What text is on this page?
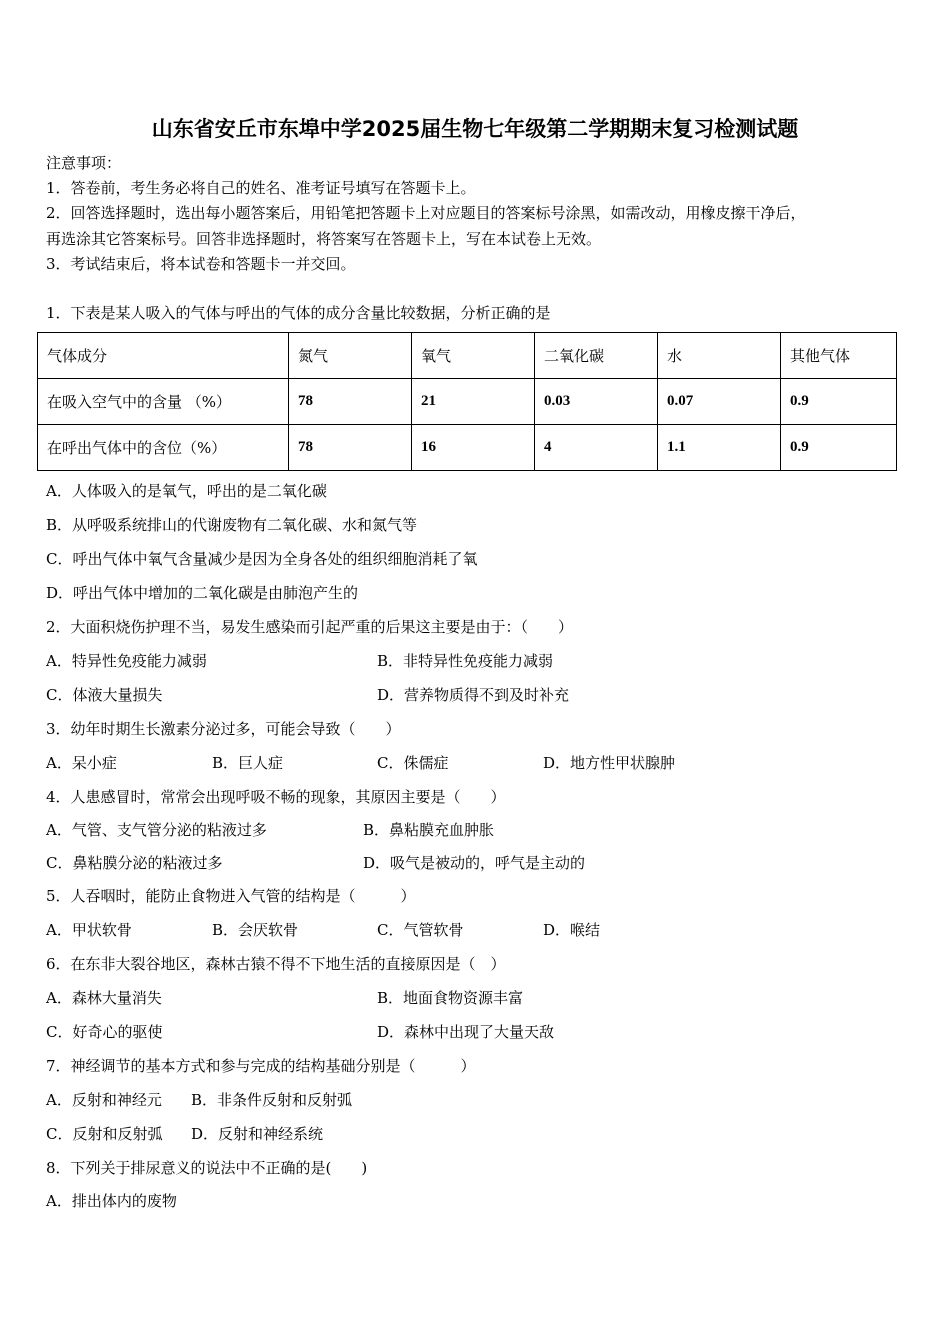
山东省安丘市东埠中学2025届生物七年级第二学期期末复习检测试题
注意事项：
1．答卷前，考生务必将自己的姓名、准考证号填写在答题卡上。
2．回答选择题时，选出每小题答案后，用铅笔把答题卡上对应题目的答案标号涂黑，如需改动，用橡皮擦干净后，
再选涂其它答案标号。回答非选择题时，将答案写在答题卡上，写在本试卷上无效。
3．考试结束后，将本试卷和答题卡一并交回。
1．下表是某人吸入的气体与呼出的气体的成分含量比较数据，分析正确的是
气体成分	氮气	氧气	二氧化碳	水	其他气体
在吸入空气中的含量 （%）	78	21	0.03	0.07	0.9
在呼出气体中的含位（%）	78	16	4	1.1	0.9
A．人体吸入的是氧气，呼出的是二氧化碳
B．从呼吸系统排山的代谢废物有二氧化碳、水和氮气等
C．呼出气体中氧气含量减少是因为全身各处的组织细胞消耗了氧
D．呼出气体中增加的二氧化碳是由肺泡产生的
2．大面积烧伤护理不当，易发生感染而引起严重的后果这主要是由于：（　　）
A．特异性免疫能力减弱	B．非特异性免疫能力减弱
C．体液大量损失	D．营养物质得不到及时补充
3．幼年时期生长激素分泌过多，可能会导致（　　）
A．呆小症	B．巨人症	C．侏儒症	D．地方性甲状腺肿
4．人患感冒时，常常会出现呼吸不畅的现象，其原因主要是（　　）
A．气管、支气管分泌的粘液过多	B．鼻粘膜充血肿胀
C．鼻粘膜分泌的粘液过多	D．吸气是被动的，呼气是主动的
5．人吞咽时，能防止食物进入气管的结构是（　　　）
A．甲状软骨	B．会厌软骨	C．气管软骨	D．喉结
6．在东非大裂谷地区，森林古猿不得不下地生活的直接原因是（　）
A．森林大量消失	B．地面食物资源丰富
C．好奇心的驱使	D．森林中出现了大量天敌
7．神经调节的基本方式和参与完成的结构基础分别是（　　　）
A．反射和神经元 B．非条件反射和反射弧
C．反射和反射弧 D．反射和神经系统
8．下列关于排尿意义的说法中不正确的是(　　)
A．排出体内的废物
